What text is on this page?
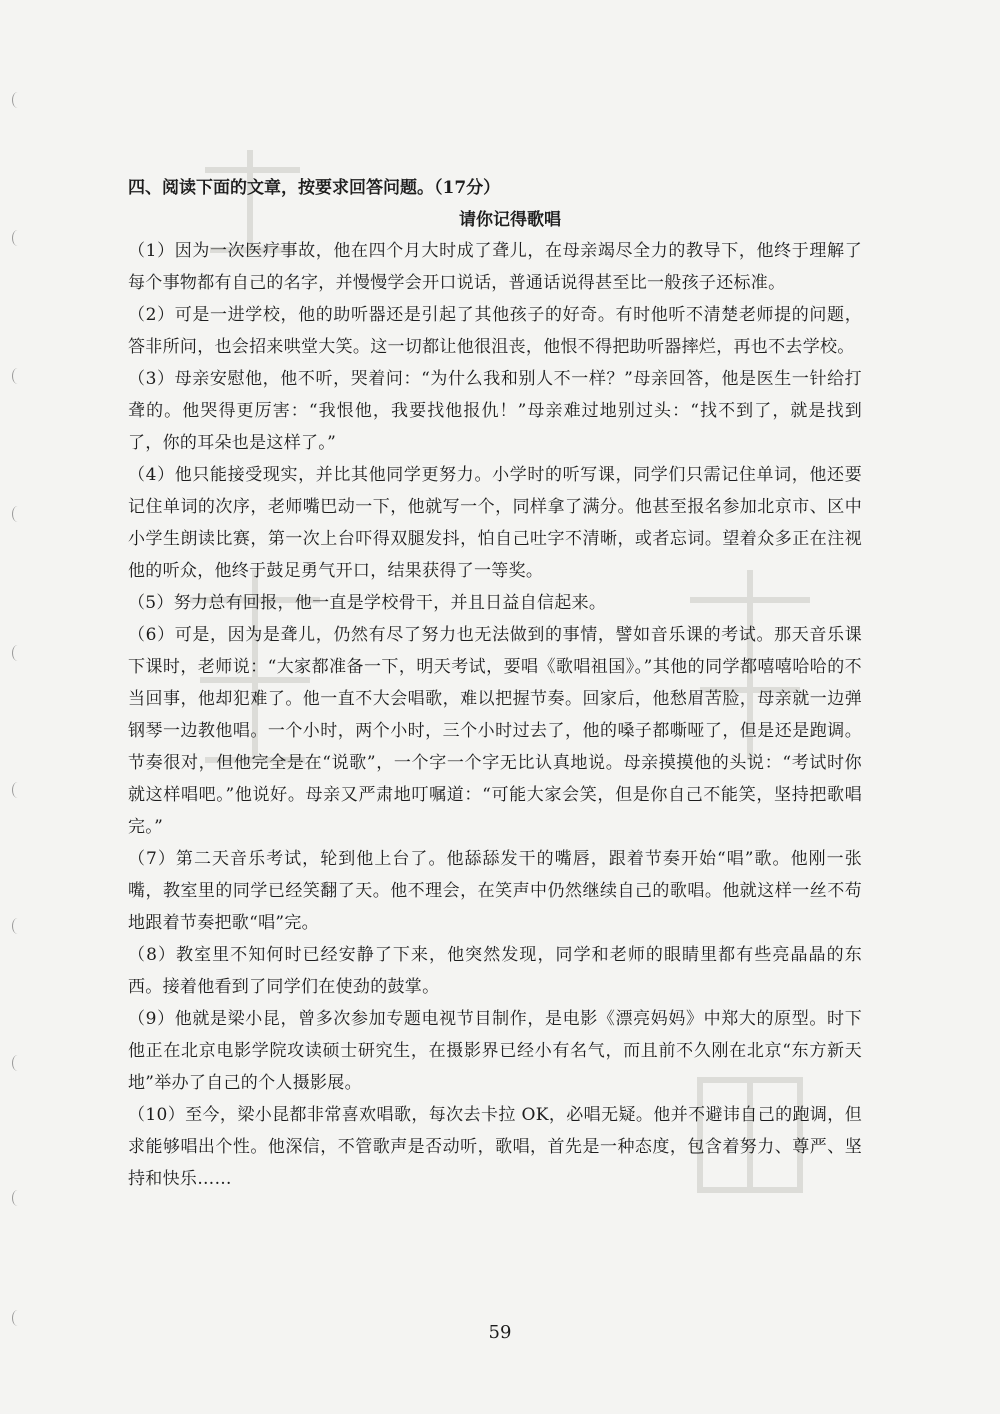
四、阅读下面的文章，按要求回答问题。（17分）

请你记得歌唱

（1）因为一次医疗事故，他在四个月大时成了聋儿，在母亲竭尽全力的教导下，他终于理解了每个事物都有自己的名字，并慢慢学会开口说话，普通话说得甚至比一般孩子还标准。

（2）可是一进学校，他的助听器还是引起了其他孩子的好奇。有时他听不清楚老师提的问题，答非所问，也会招来哄堂大笑。这一切都让他很沮丧，他恨不得把助听器摔烂，再也不去学校。

（3）母亲安慰他，他不听，哭着问：“为什么我和别人不一样？”母亲回答，他是医生一针给打聋的。他哭得更厉害：“我恨他，我要找他报仇！”母亲难过地别过头：“找不到了，就是找到了，你的耳朵也是这样了。”

（4）他只能接受现实，并比其他同学更努力。小学时的听写课，同学们只需记住单词，他还要记住单词的次序，老师嘴巴动一下，他就写一个，同样拿了满分。他甚至报名参加北京市、区中小学生朗读比赛，第一次上台吓得双腿发抖，怕自己吐字不清晰，或者忘词。望着众多正在注视他的听众，他终于鼓足勇气开口，结果获得了一等奖。

（5）努力总有回报，他一直是学校骨干，并且日益自信起来。

（6）可是，因为是聋儿，仍然有尽了努力也无法做到的事情，譬如音乐课的考试。那天音乐课下课时，老师说：“大家都准备一下，明天考试，要唱《歌唱祖国》。”其他的同学都嘻嘻哈哈的不当回事，他却犯难了。他一直不大会唱歌，难以把握节奏。回家后，他愁眉苦脸，母亲就一边弹钢琴一边教他唱。一个小时，两个小时，三个小时过去了，他的嗓子都嘶哑了，但是还是跑调。节奏很对，但他完全是在“说歌”，一个字一个字无比认真地说。母亲摸摸他的头说：“考试时你就这样唱吧。”他说好。母亲又严肃地叮嘱道：“可能大家会笑，但是你自己不能笑，坚持把歌唱完。”

（7）第二天音乐考试，轮到他上台了。他舔舔发干的嘴唇，跟着节奏开始“唱”歌。他刚一张嘴，教室里的同学已经笑翻了天。他不理会，在笑声中仍然继续自己的歌唱。他就这样一丝不苟地跟着节奏把歌“唱”完。

（8）教室里不知何时已经安静了下来，他突然发现，同学和老师的眼睛里都有些亮晶晶的东西。接着他看到了同学们在使劲的鼓掌。

（9）他就是梁小昆，曾多次参加专题电视节目制作，是电影《漂亮妈妈》中郑大的原型。时下他正在北京电影学院攻读硕士研究生，在摄影界已经小有名气，而且前不久刚在北京“东方新天地”举办了自己的个人摄影展。

（10）至今，梁小昆都非常喜欢唱歌，每次去卡拉 OK，必唱无疑。他并不避讳自己的跑调，但求能够唱出个性。他深信，不管歌声是否动听，歌唱，首先是一种态度，包含着努力、尊严、坚持和快乐……

59
